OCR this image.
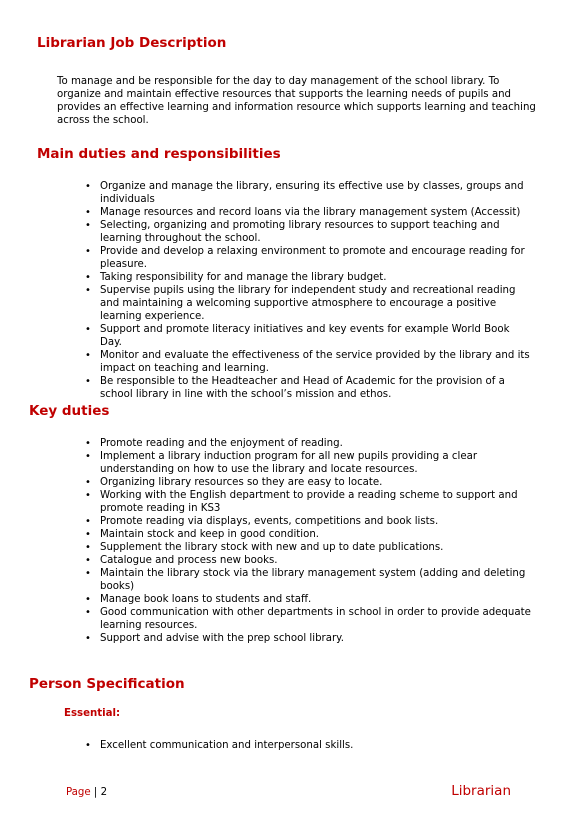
Librarian Job Description

To manage and be responsible for the day to day management of the school library. To organize and maintain effective resources that supports the learning needs of pupils and provides an effective learning and information resource which supports learning and teaching across the school.

Main duties and responsibilities
• Organize and manage the library, ensuring its effective use by classes, groups and individuals
• Manage resources and record loans via the library management system (Accessit)
• Selecting, organizing and promoting library resources to support teaching and learning throughout the school.
• Provide and develop a relaxing environment to promote and encourage reading for pleasure.
• Taking responsibility for and manage the library budget.
• Supervise pupils using the library for independent study and recreational reading and maintaining a welcoming supportive atmosphere to encourage a positive learning experience.
• Support and promote literacy initiatives and key events for example World Book Day.
• Monitor and evaluate the effectiveness of the service provided by the library and its impact on teaching and learning.
• Be responsible to the Headteacher and Head of Academic for the provision of a school library in line with the school’s mission and ethos.
Key duties
• Promote reading and the enjoyment of reading.
• Implement a library induction program for all new pupils providing a clear understanding on how to use the library and locate resources.
• Organizing library resources so they are easy to locate.
• Working with the English department to provide a reading scheme to support and promote reading in KS3
• Promote reading via displays, events, competitions and book lists.
• Maintain stock and keep in good condition.
• Supplement the library stock with new and up to date publications.
• Catalogue and process new books.
• Maintain the library stock via the library management system (adding and deleting books)
• Manage book loans to students and staff.
• Good communication with other departments in school in order to provide adequate learning resources.
• Support and advise with the prep school library.
Person Specification

Essential:

• Excellent communication and interpersonal skills.
Page | 2	Librarian
